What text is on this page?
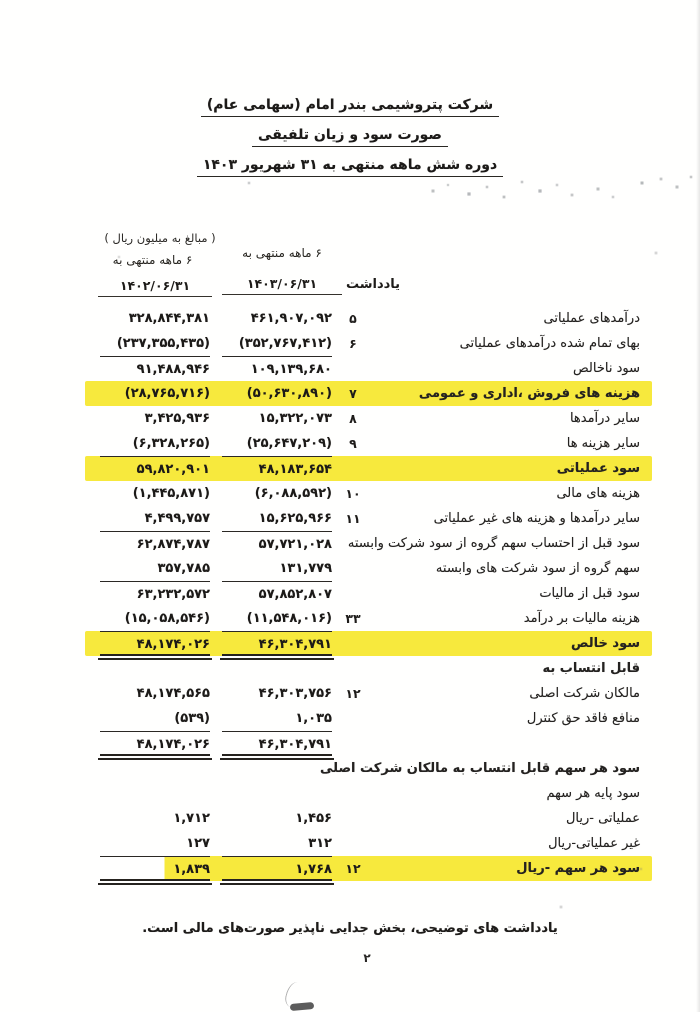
شرکت پتروشیمی بندر امام (سهامی عام)
صورت سود و زیان تلفیقی
دوره شش ماهه منتهی به ۳۱ شهریور ۱۴۰۳
( مبالغ به میلیون ریال )
۶ ماهه منتهی به
۶ ماهه منتهی به
۱۴۰۳/۰۶/۳۱
۱۴۰۲/۰۶/۳۱	یادداشت
درآمدهای عملیاتی
۵
۴۶۱,۹۰۷,۰۹۲
۳۲۸,۸۴۴,۳۸۱
بهای تمام شده درآمدهای عملیاتی
۶
(۳۵۲,۷۶۷,۴۱۲)
(۲۳۷,۳۵۵,۴۳۵)
سود ناخالص
۱۰۹,۱۳۹,۶۸۰
۹۱,۴۸۸,۹۴۶
هزینه های فروش ،اداری و عمومی
۷
(۵۰,۶۳۰,۸۹۰)
(۲۸,۷۶۵,۷۱۶)
سایر درآمدها
۸
۱۵,۳۲۲,۰۷۳
۳,۴۲۵,۹۳۶
سایر هزینه ها
۹
(۲۵,۶۴۷,۲۰۹)
(۶,۳۲۸,۲۶۵)
سود عملیاتی
۴۸,۱۸۳,۶۵۴
۵۹,۸۲۰,۹۰۱
هزینه های مالی
۱۰
(۶,۰۸۸,۵۹۲)
(۱,۴۴۵,۸۷۱)
سایر درآمدها و هزینه های غیر عملیاتی
۱۱
۱۵,۶۲۵,۹۶۶
۴,۴۹۹,۷۵۷
سود قبل از احتساب سهم گروه از سود شرکت وابسته
۵۷,۷۲۱,۰۲۸
۶۲,۸۷۴,۷۸۷
سهم گروه از سود شرکت های وابسته
۱۳۱,۷۷۹
۳۵۷,۷۸۵
سود قبل از مالیات
۵۷,۸۵۲,۸۰۷
۶۳,۲۳۲,۵۷۲
هزینه مالیات بر درآمد
۳۳
(۱۱,۵۴۸,۰۱۶)
(۱۵,۰۵۸,۵۴۶)
سود خالص
۴۶,۳۰۴,۷۹۱
۴۸,۱۷۴,۰۲۶
قابل انتساب به
مالکان شرکت اصلی
۱۲
۴۶,۳۰۳,۷۵۶
۴۸,۱۷۴,۵۶۵
منافع فاقد حق کنترل
۱,۰۳۵
(۵۳۹)
۴۶,۳۰۴,۷۹۱
۴۸,۱۷۴,۰۲۶
سود هر سهم قابل انتساب به مالکان شرکت اصلی
سود پایه هر سهم
عملیاتی -ریال
۱,۴۵۶
۱,۷۱۲
غیر عملیاتی-ریال
۳۱۲
۱۲۷
سود هر سهم -ریال
۱۲
۱,۷۶۸
۱,۸۳۹
یادداشت های توضیحی، بخش جدایی ناپذیر صورت‌های مالی است.
۲
